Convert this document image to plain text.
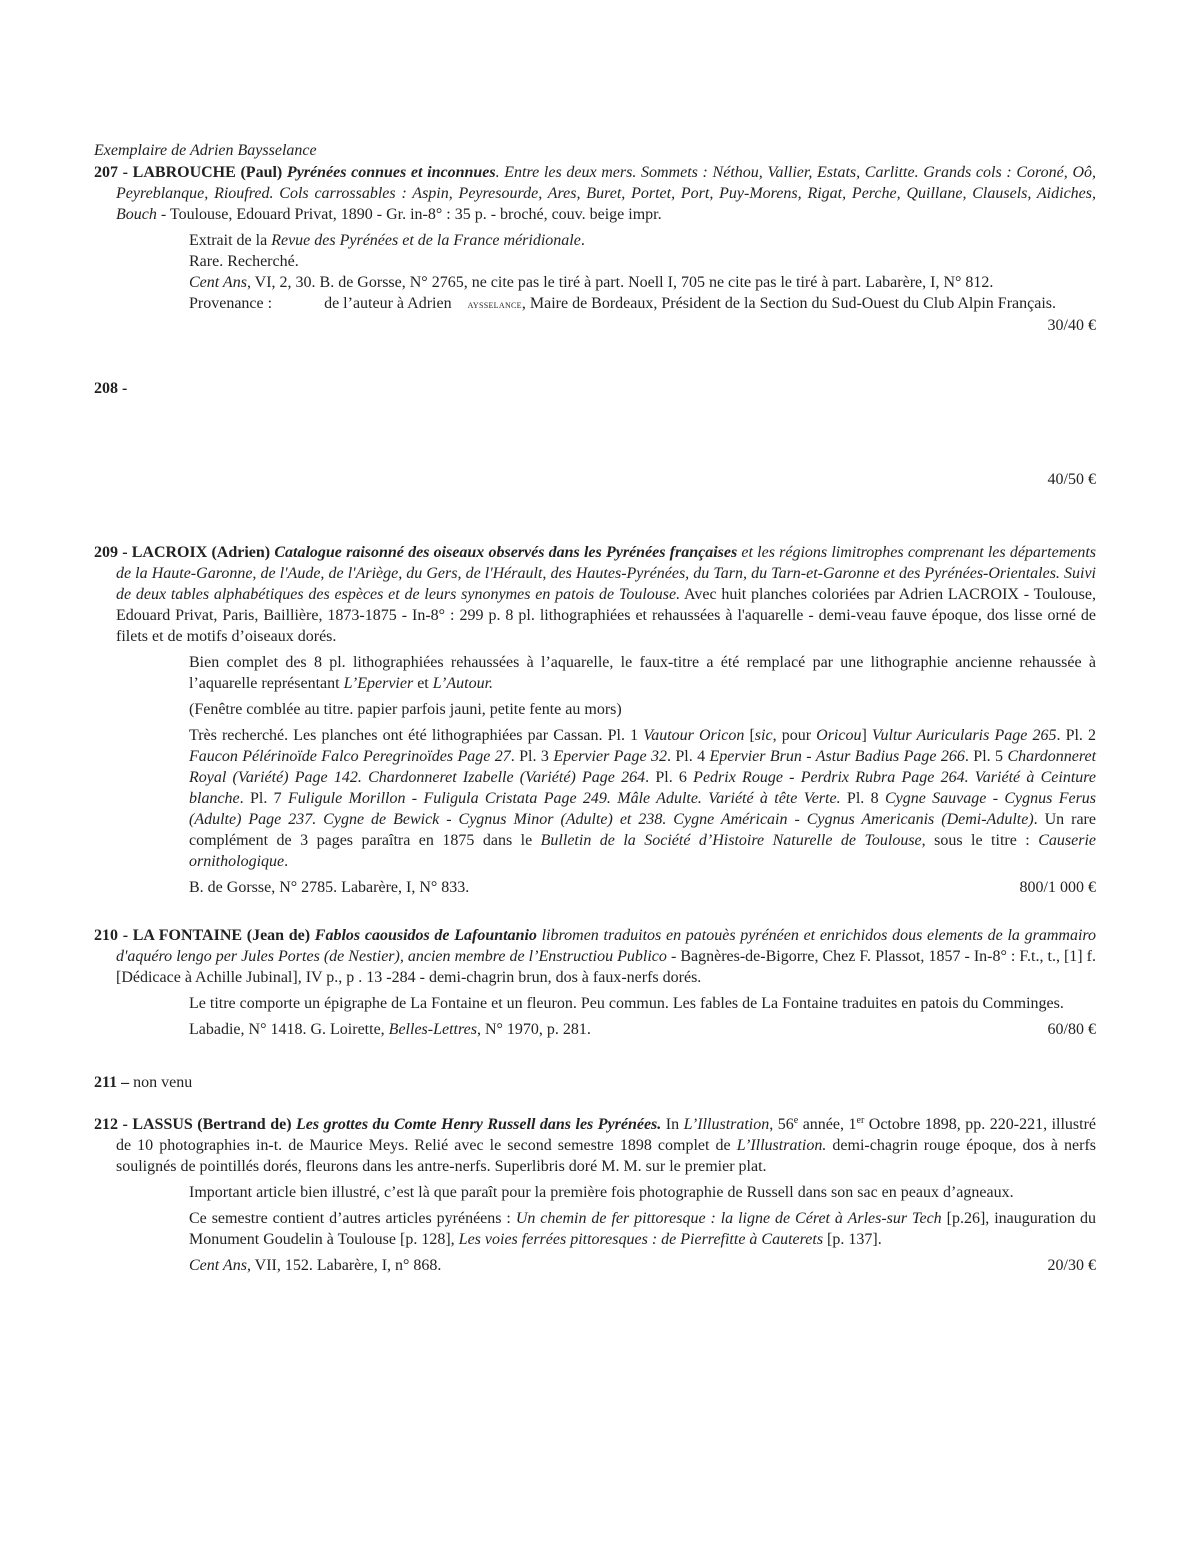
Exemplaire de Adrien Baysselance

207 - LABROUCHE (Paul) Pyrénées connues et inconnues. Entre les deux mers. Sommets : Néthou, Vallier, Estats, Carlitte. Grands cols : Coroné, Oô, Peyreblanque, Rioufred. Cols carrossables : Aspin, Peyresourde, Ares, Buret, Portet, Port, Puy-Morens, Rigat, Perche, Quillane, Clausels, Aidiches, Bouch - Toulouse, Edouard Privat, 1890 - Gr. in-8° : 35 p. - broché, couv. beige impr.

Extrait de la Revue des Pyrénées et de la France méridionale.

Rare. Recherché.

Cent Ans, VI, 2, 30. B. de Gorsse, N° 2765, ne cite pas le tiré à part. Noell I, 705 ne cite pas le tiré à part. Labarère, I, N° 812.

Provenance :	de l’auteur à Adrien aysselance, Maire de Bordeaux, Président de la Section du Sud-Ouest du Club Alpin Français.

30/40 €

208 -

40/50 €

209 - LACROIX (Adrien) Catalogue raisonné des oiseaux observés dans les Pyrénées françaises et les régions limitrophes comprenant les départements de la Haute-Garonne, de l'Aude, de l'Ariège, du Gers, de l'Hérault, des Hautes-Pyrénées, du Tarn, du Tarn-et-Garonne et des Pyrénées-Orientales. Suivi de deux tables alphabétiques des espèces et de leurs synonymes en patois de Toulouse. Avec huit planches coloriées par Adrien LACROIX - Toulouse, Edouard Privat, Paris, Baillière, 1873-1875 - In-8° : 299 p. 8 pl. lithographiées et rehaussées à l'aquarelle - demi-veau fauve époque, dos lisse orné de filets et de motifs d’oiseaux dorés.

Bien complet des 8 pl. lithographiées rehaussées à l’aquarelle, le faux-titre a été remplacé par une lithographie ancienne rehaussée à l’aquarelle représentant L’Epervier et L’Autour.

(Fenêtre comblée au titre. papier parfois jauni, petite fente au mors)

Très recherché. Les planches ont été lithographiées par Cassan. Pl. 1 Vautour Oricon [sic, pour Oricou] Vultur Auricularis Page 265. Pl. 2 Faucon Pélérinoïde Falco Peregrinoïdes Page 27. Pl. 3 Epervier Page 32. Pl. 4 Epervier Brun - Astur Badius Page 266. Pl. 5 Chardonneret Royal (Variété) Page 142. Chardonneret Izabelle (Variété) Page 264. Pl. 6 Pedrix Rouge - Perdrix Rubra Page 264. Variété à Ceinture blanche. Pl. 7 Fuligule Morillon - Fuligula Cristata Page 249. Mâle Adulte. Variété à tête Verte. Pl. 8 Cygne Sauvage - Cygnus Ferus (Adulte) Page 237. Cygne de Bewick - Cygnus Minor (Adulte) et 238. Cygne Américain - Cygnus Americanis (Demi-Adulte). Un rare complément de 3 pages paraîtra en 1875 dans le Bulletin de la Société d’Histoire Naturelle de Toulouse, sous le titre : Causerie ornithologique.

B. de Gorsse, N° 2785. Labarère, I, N° 833.	800/1 000 €

210 - LA FONTAINE (Jean de) Fablos caousidos de Lafountanio libromen traduitos en patouès pyrénéen et enrichidos dous elements de la grammairo d'aquéro lengo per Jules Portes (de Nestier), ancien membre de l’Enstructiou Publico - Bagnères-de-Bigorre, Chez F. Plassot, 1857 - In-8° : F.t., t., [1] f.[Dédicace à Achille Jubinal], IV p., p . 13 -284 - demi-chagrin brun, dos à faux-nerfs dorés.

Le titre comporte un épigraphe de La Fontaine et un fleuron. Peu commun. Les fables de La Fontaine traduites en patois du Comminges.

Labadie, N° 1418. G. Loirette, Belles-Lettres, N° 1970, p. 281.	60/80 €

211 – non venu

212 - LASSUS (Bertrand de) Les grottes du Comte Henry Russell dans les Pyrénées. In L’Illustration, 56e année, 1er Octobre 1898, pp. 220-221, illustré de 10 photographies in-t. de Maurice Meys. Relié avec le second semestre 1898 complet de L’Illustration. demi-chagrin rouge époque, dos à nerfs soulignés de pointillés dorés, fleurons dans les antre-nerfs. Superlibris doré M. M. sur le premier plat.

Important article bien illustré, c’est là que paraît pour la première fois photographie de Russell dans son sac en peaux d’agneaux.

Ce semestre contient d’autres articles pyrénéens : Un chemin de fer pittoresque : la ligne de Céret à Arles-sur Tech [p.26], inauguration du Monument Goudelin à Toulouse [p. 128], Les voies ferrées pittoresques : de Pierrefitte à Cauterets [p. 137].

Cent Ans, VII, 152. Labarère, I, n° 868.	20/30 €
